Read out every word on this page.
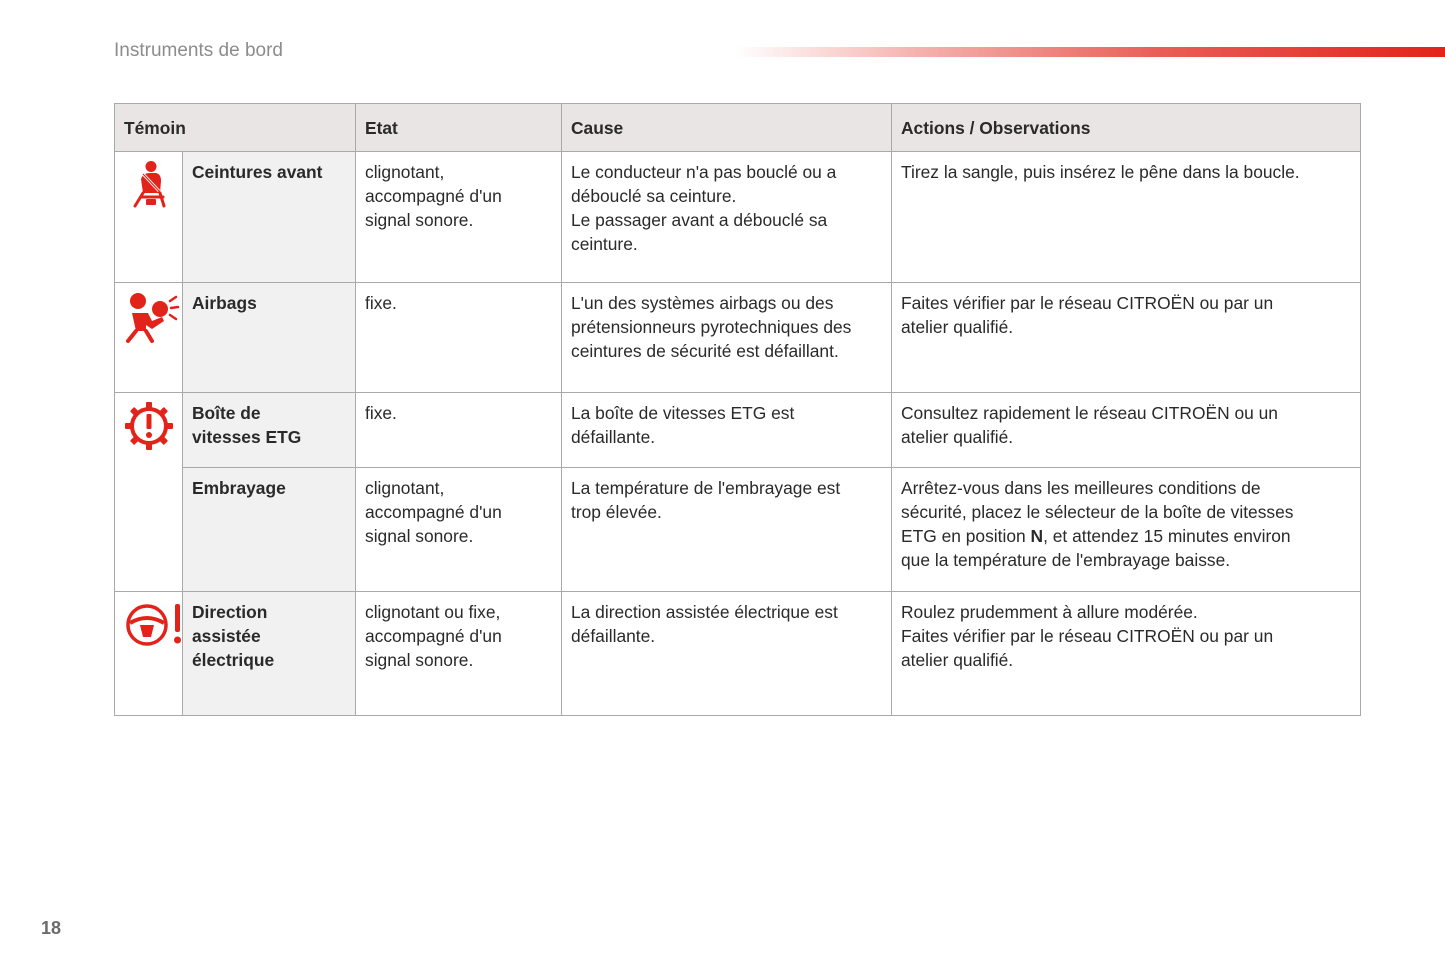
Instruments de bord
Témoin		Etat	Cause	Actions / Observations

	Ceintures avant	clignotant,
accompagné d'un
signal sonore.	Le conducteur n'a pas bouclé ou a
débouclé sa ceinture.
Le passager avant a débouclé sa
ceinture.	Tirez la sangle, puis insérez le pêne dans la boucle.

	Airbags	fixe.	L'un des systèmes airbags ou des
prétensionneurs pyrotechniques des
ceintures de sécurité est défaillant.	Faites vérifier par le réseau CITROËN ou par un
atelier qualifié.

Boîte de
vitesses ETG	fixe.	La boîte de vitesses ETG est
défaillante.	Consultez rapidement le réseau CITROËN ou un
atelier qualifié.

	Embrayage	clignotant,
accompagné d'un
signal sonore.	La température de l'embrayage est
trop élevée.	Arrêtez-vous dans les meilleures conditions de
sécurité, placez le sélecteur de la boîte de vitesses
ETG en position N, et attendez 15 minutes environ
que la température de l'embrayage baisse.

Direction
assistée
électrique	clignotant ou fixe,
accompagné d'un
signal sonore.	La direction assistée électrique est
défaillante.	Roulez prudemment à allure modérée.
Faites vérifier par le réseau CITROËN ou par un
atelier qualifié.
18
